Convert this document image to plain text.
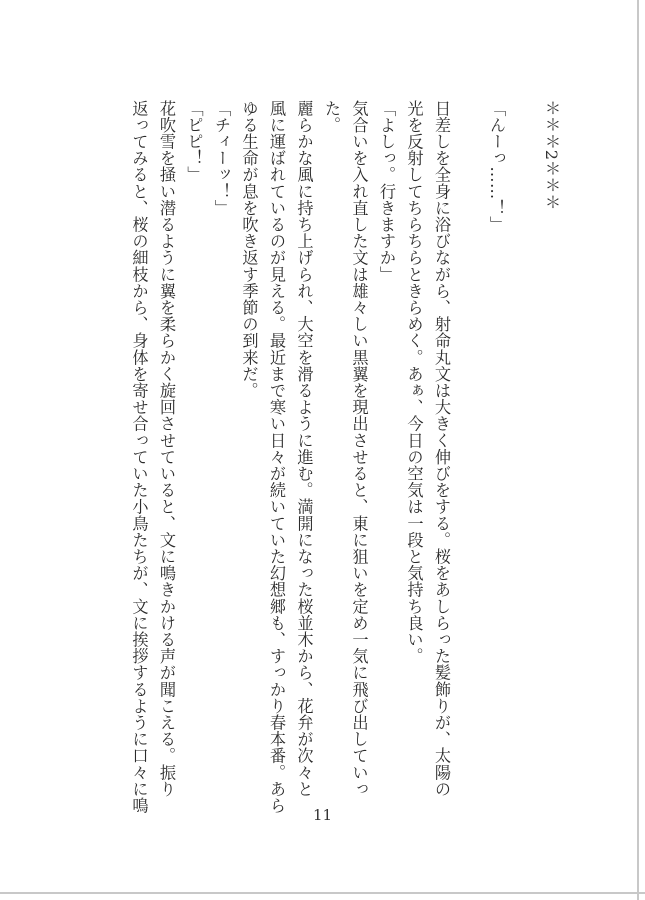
＊＊＊2＊＊＊

「んーっ……！」

日差しを全身に浴びながら、射命丸文は大きく伸びをする。桜をあしらった髪飾りが、太陽の
光を反射してちらちらときらめく。あぁ、今日の空気は一段と気持ち良い。
「よしっ。行きますか」
気合いを入れ直した文は雄々しい黒翼を現出させると、東に狙いを定め一気に飛び出していっ
た。
麗らかな風に持ち上げられ、大空を滑るように進む。満開になった桜並木から、花弁が次々と
風に運ばれているのが見える。最近まで寒い日々が続いていた幻想郷も、すっかり春本番。あら
ゆる生命が息を吹き返す季節の到来だ。
「チィーッ！」
「ピピ！」
花吹雪を掻い潜るように翼を柔らかく旋回させていると、文に鳴きかける声が聞こえる。振り
返ってみると、桜の細枝から、身体を寄せ合っていた小鳥たちが、文に挨拶するように口々に鳴
11
